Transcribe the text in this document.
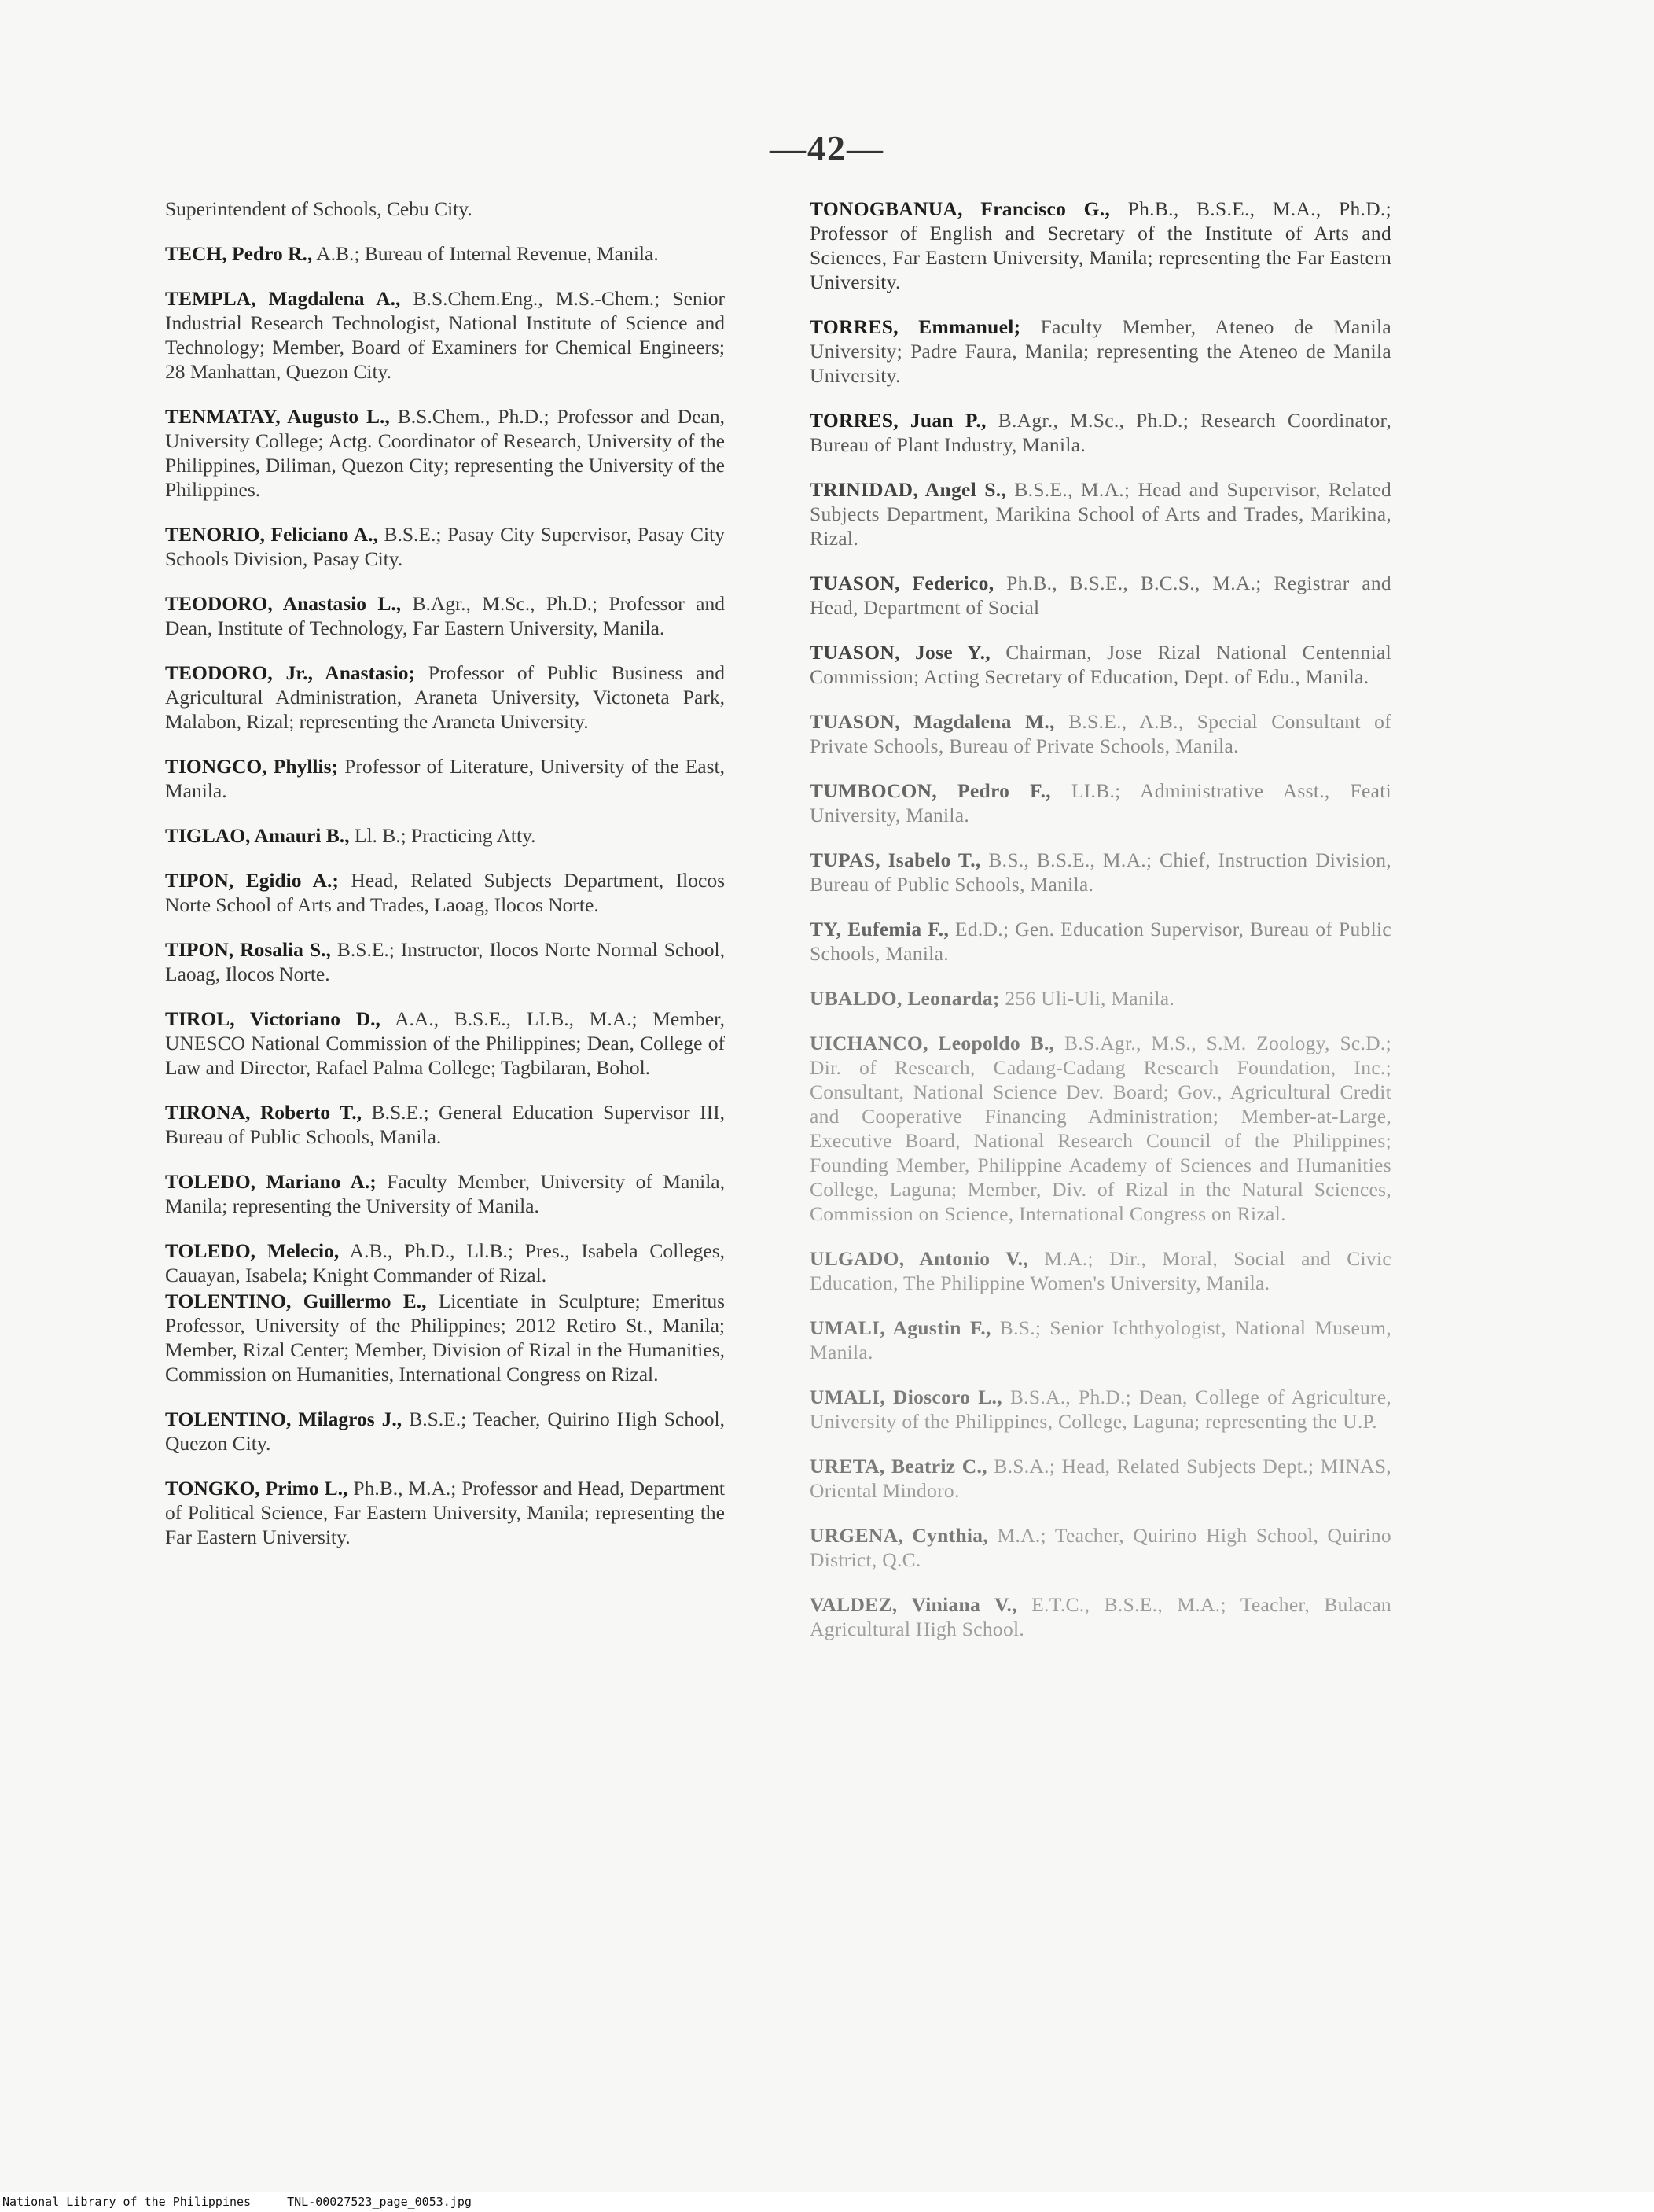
—42—

Superintendent of Schools, Cebu City.

TECH, Pedro R., A.B.; Bureau of Internal Revenue, Manila.

TEMPLA, Magdalena A., B.S.Chem.Eng., M.S.-Chem.; Senior Industrial Research Technologist, National Institute of Science and Technology; Member, Board of Examiners for Chemical Engineers; 28 Manhattan, Quezon City.

TENMATAY, Augusto L., B.S.Chem., Ph.D.; Professor and Dean, University College; Actg. Coordinator of Research, University of the Philippines, Diliman, Quezon City; representing the University of the Philippines.

TENORIO, Feliciano A., B.S.E.; Pasay City Supervisor, Pasay City Schools Division, Pasay City.

TEODORO, Anastasio L., B.Agr., M.Sc., Ph.D.; Professor and Dean, Institute of Technology, Far Eastern University, Manila.

TEODORO, Jr., Anastasio; Professor of Public Business and Agricultural Administration, Araneta University, Victoneta Park, Malabon, Rizal; representing the Araneta University.

TIONGCO, Phyllis; Professor of Literature, University of the East, Manila.

TIGLAO, Amauri B., Ll. B.; Practicing Atty.

TIPON, Egidio A.; Head, Related Subjects Department, Ilocos Norte School of Arts and Trades, Laoag, Ilocos Norte.

TIPON, Rosalia S., B.S.E.; Instructor, Ilocos Norte Normal School, Laoag, Ilocos Norte.

TIROL, Victoriano D., A.A., B.S.E., LI.B., M.A.; Member, UNESCO National Commission of the Philippines; Dean, College of Law and Director, Rafael Palma College; Tagbilaran, Bohol.

TIRONA, Roberto T., B.S.E.; General Education Supervisor III, Bureau of Public Schools, Manila.

TOLEDO, Mariano A.; Faculty Member, University of Manila, Manila; representing the University of Manila.

TOLEDO, Melecio, A.B., Ph.D., Ll.B.; Pres., Isabela Colleges, Cauayan, Isabela; Knight Commander of Rizal.

TOLENTINO, Guillermo E., Licentiate in Sculpture; Emeritus Professor, University of the Philippines; 2012 Retiro St., Manila; Member, Rizal Center; Member, Division of Rizal in the Humanities, Commission on Humanities, International Congress on Rizal.

TOLENTINO, Milagros J., B.S.E.; Teacher, Quirino High School, Quezon City.

TONGKO, Primo L., Ph.B., M.A.; Professor and Head, Department of Political Science, Far Eastern University, Manila; representing the Far Eastern University.

TONOGBANUA, Francisco G., Ph.B., B.S.E., M.A., Ph.D.; Professor of English and Secretary of the Institute of Arts and Sciences, Far Eastern University, Manila; representing the Far Eastern University.

TORRES, Emmanuel; Faculty Member, Ateneo de Manila University; Padre Faura, Manila; representing the Ateneo de Manila University.

TORRES, Juan P., B.Agr., M.Sc., Ph.D.; Research Coordinator, Bureau of Plant Industry, Manila.

TRINIDAD, Angel S., B.S.E., M.A.; Head and Supervisor, Related Subjects Department, Marikina School of Arts and Trades, Marikina, Rizal.

TUASON, Federico, Ph.B., B.S.E., B.C.S., M.A.; Registrar and Head, Department of Social

TUASON, Jose Y., Chairman, Jose Rizal National Centennial Commission; Acting Secretary of Education, Dept. of Edu., Manila.

TUASON, Magdalena M., B.S.E., A.B., Special Consultant of Private Schools, Bureau of Private Schools, Manila.

TUMBOCON, Pedro F., LI.B.; Administrative Asst., Feati University, Manila.

TUPAS, Isabelo T., B.S., B.S.E., M.A.; Chief, Instruction Division, Bureau of Public Schools, Manila.

TY, Eufemia F., Ed.D.; Gen. Education Supervisor, Bureau of Public Schools, Manila.

UBALDO, Leonarda; 256 Uli-Uli, Manila.

UICHANCO, Leopoldo B., B.S.Agr., M.S., S.M. Zoology, Sc.D.; Dir. of Research, Cadang-Cadang Research Foundation, Inc.; Consultant, National Science Dev. Board; Gov., Agricultural Credit and Cooperative Financing Administration; Member-at-Large, Executive Board, National Research Council of the Philippines; Founding Member, Philippine Academy of Sciences and Humanities College, Laguna; Member, Div. of Rizal in the Natural Sciences, Commission on Science, International Congress on Rizal.

ULGADO, Antonio V., M.A.; Dir., Moral, Social and Civic Education, The Philippine Women's University, Manila.

UMALI, Agustin F., B.S.; Senior Ichthyologist, National Museum, Manila.

UMALI, Dioscoro L., B.S.A., Ph.D.; Dean, College of Agriculture, University of the Philippines, College, Laguna; representing the U.P.

URETA, Beatriz C., B.S.A.; Head, Related Subjects Dept.; MINAS, Oriental Mindoro.

URGENA, Cynthia, M.A.; Teacher, Quirino High School, Quirino District, Q.C.

VALDEZ, Viniana V., E.T.C., B.S.E., M.A.; Teacher, Bulacan Agricultural High School.

National Library of the Philippines	TNL-00027523_page_0053.jpg
